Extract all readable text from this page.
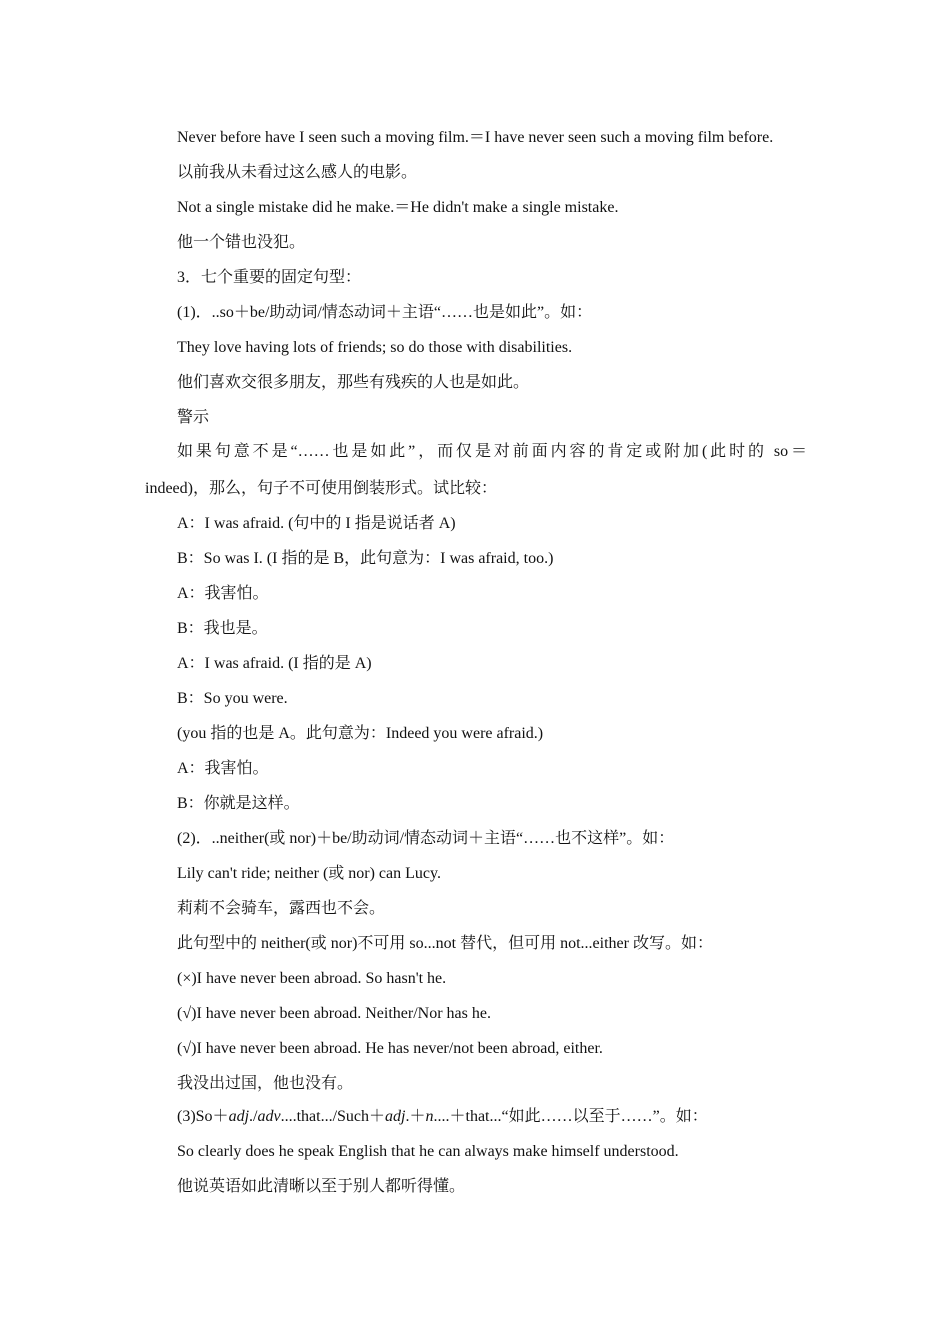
Never before have I seen such a moving film.＝I have never seen such a moving film before.
以前我从未看过这么感人的电影。
Not a single mistake did he make.＝He didn't make a single mistake.
他一个错也没犯。
3．七个重要的固定句型：
(1)．..so＋be/助动词/情态动词＋主语“……也是如此”。如：
They love having lots of friends; so do those with disabilities.
他们喜欢交很多朋友，那些有残疾的人也是如此。
警示
如果句意不是“……也是如此”，而仅是对前面内容的肯定或附加(此时的 so＝
indeed)，那么，句子不可使用倒装形式。试比较：
A：I was afraid. (句中的 I 指是说话者 A)
B：So was I. (I 指的是 B，此句意为：I was afraid, too.)
A：我害怕。
B：我也是。
A：I was afraid. (I 指的是 A)
B：So you were.
(you 指的也是 A。此句意为：Indeed you were afraid.)
A：我害怕。
B：你就是这样。
(2)．..neither(或 nor)＋be/助动词/情态动词＋主语“……也不这样”。如：
Lily can't ride; neither (或 nor) can Lucy.
莉莉不会骑车，露西也不会。
此句型中的 neither(或 nor)不可用 so...not 替代，但可用 not...either 改写。如：
(×)I have never been abroad. So hasn't he.
(√)I have never been abroad. Neither/Nor has he.
(√)I have never been abroad. He has never/not been abroad, either.
我没出过国，他也没有。
(3)So＋adj./adv....that.../Such＋adj.＋n....＋that...“如此……以至于……”。如：
So clearly does he speak English that he can always make himself understood.
他说英语如此清晰以至于别人都听得懂。
